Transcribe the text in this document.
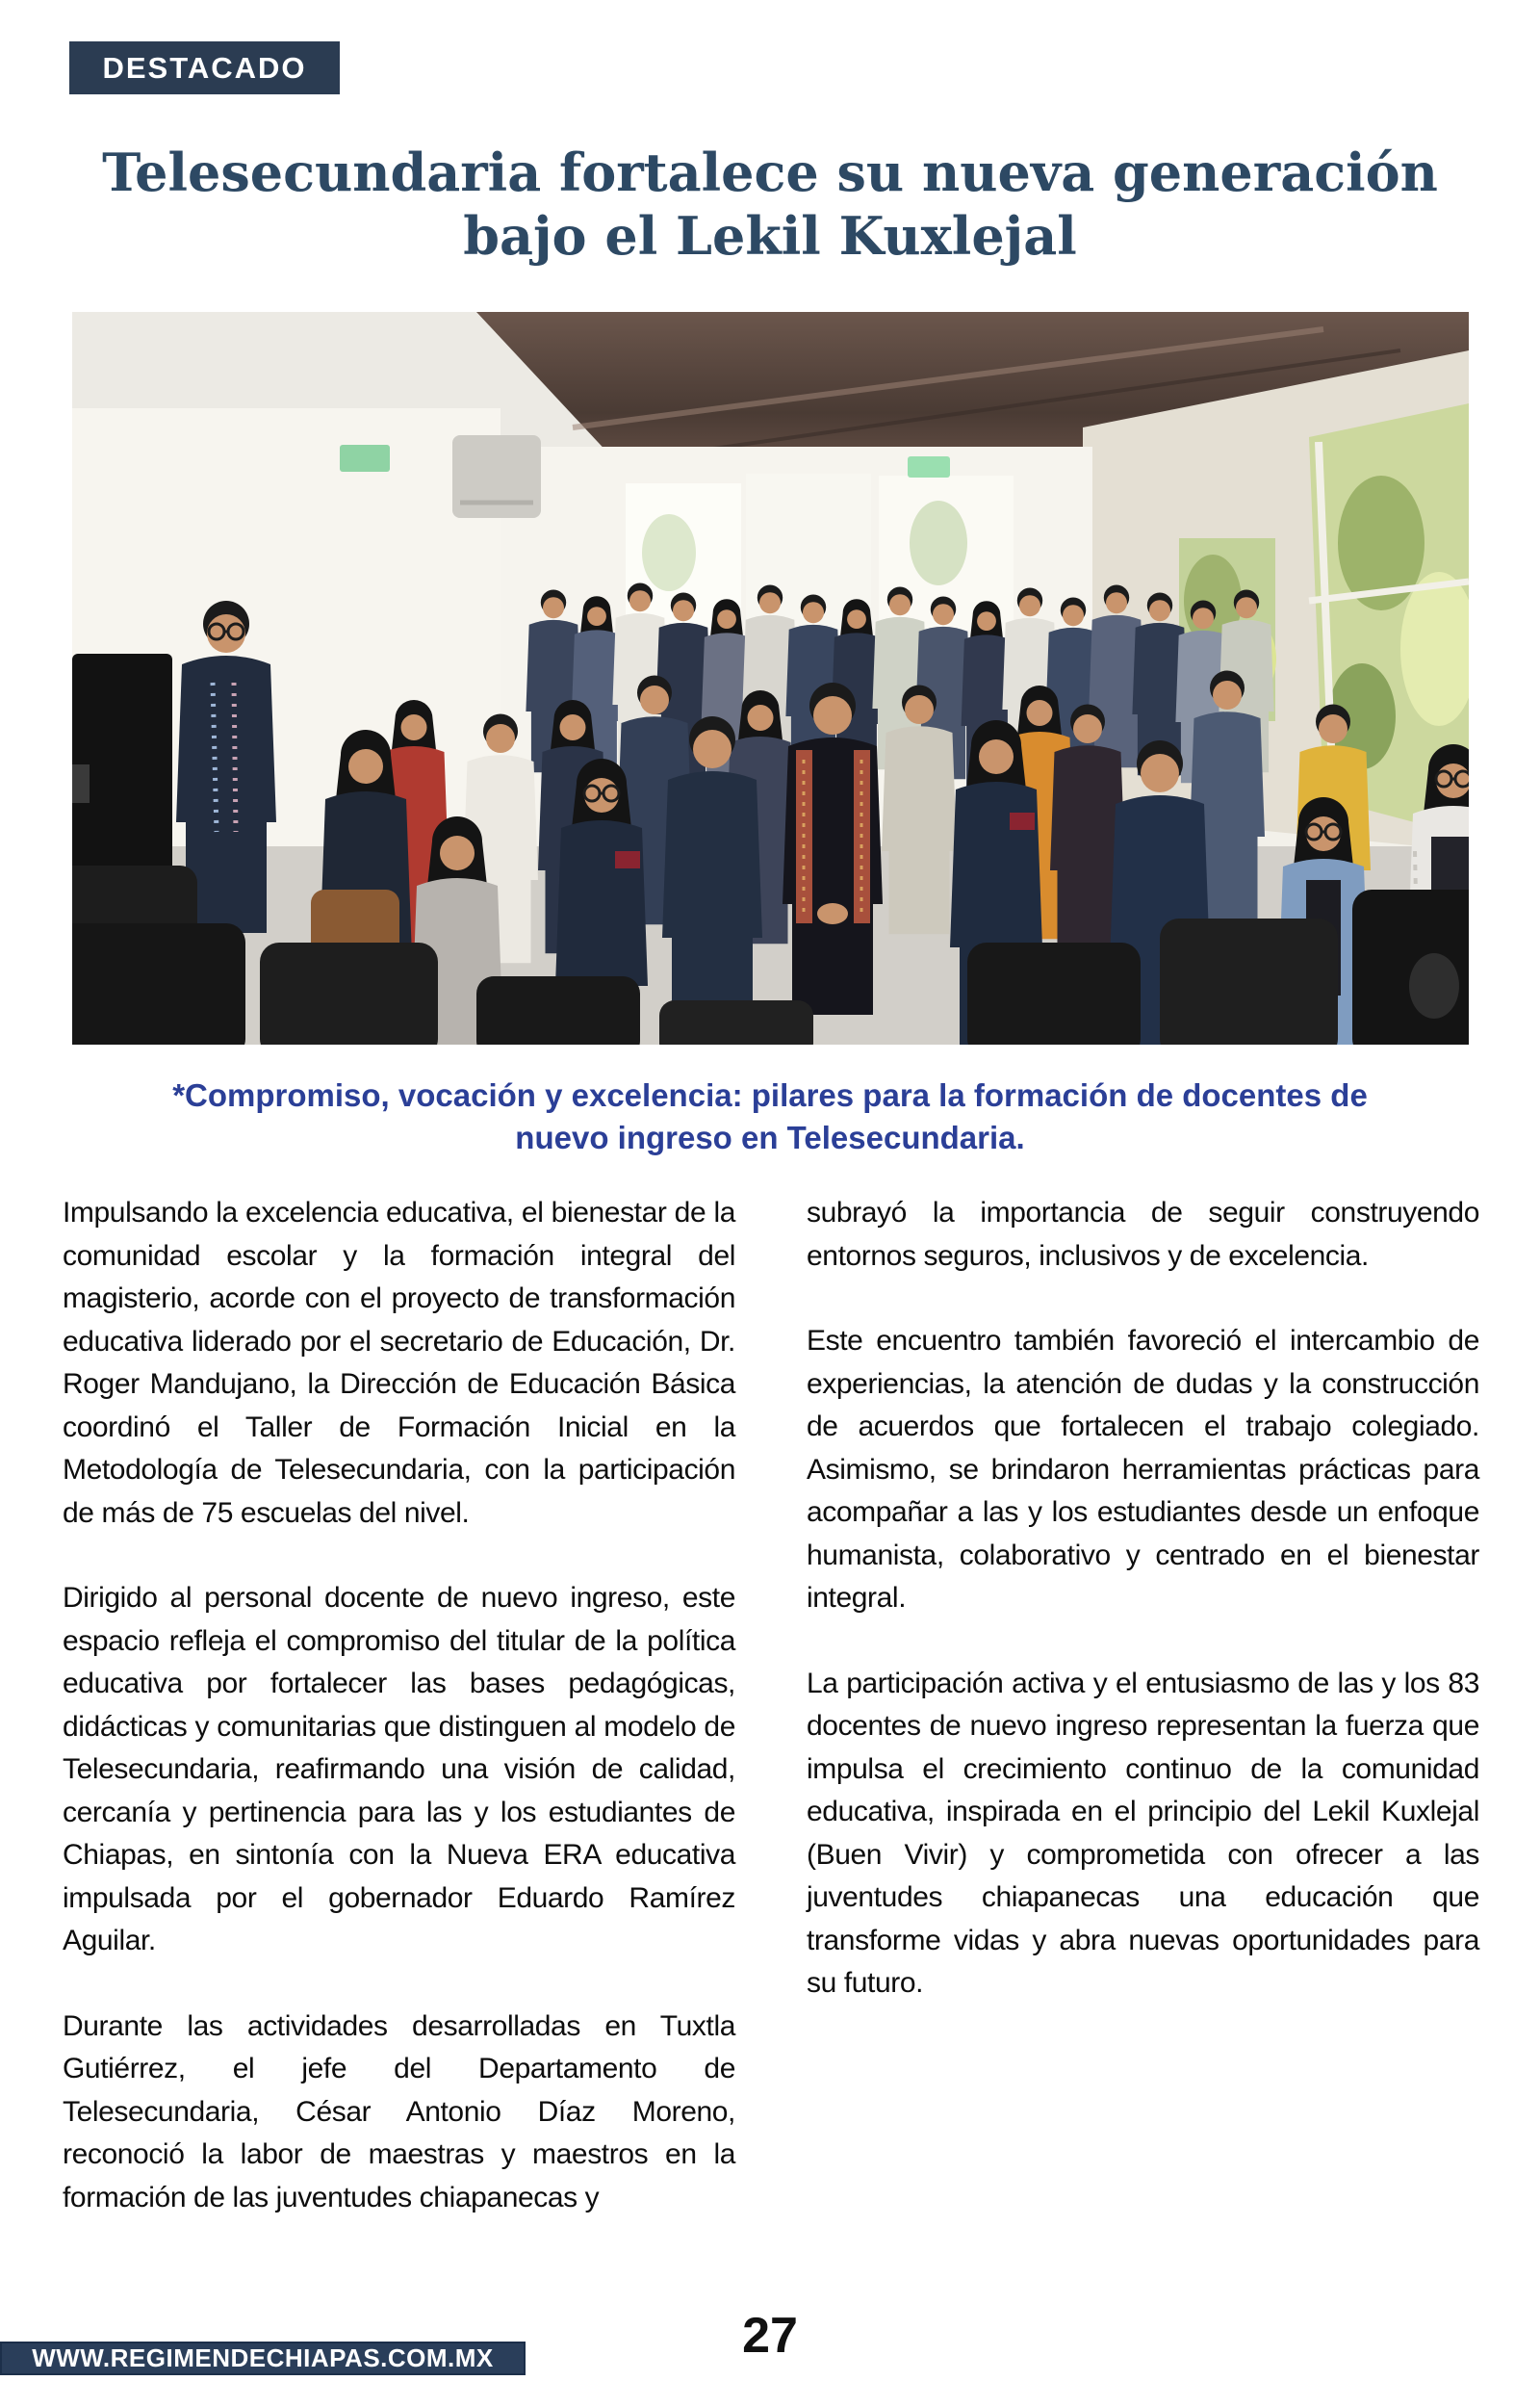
DESTACADO
Telesecundaria fortalece su nueva generación bajo el Lekil Kuxlejal

*Compromiso, vocación y excelencia: pilares para la formación de docentes de nuevo ingreso en Telesecundaria.

Impulsando la excelencia educativa, el bienestar de la comunidad escolar y la formación integral del magisterio, acorde con el proyecto de transformación educativa liderado por el secretario de Educación, Dr. Roger Mandujano, la Dirección de Educación Básica coordinó el Taller de Formación Inicial en la Metodología de Telesecundaria, con la participación de más de 75 escuelas del nivel.

Dirigido al personal docente de nuevo ingreso, este espacio refleja el compromiso del titular de la política educativa por fortalecer las bases pedagógicas, didácticas y comunitarias que distinguen al modelo de Telesecundaria, reafirmando una visión de calidad, cercanía y pertinencia para las y los estudiantes de Chiapas, en sintonía con la Nueva ERA educativa impulsada por el gobernador Eduardo Ramírez Aguilar.

Durante las actividades desarrolladas en Tuxtla Gutiérrez, el jefe del Departamento de Telesecundaria, César Antonio Díaz Moreno, reconoció la labor de maestras y maestros en la formación de las juventudes chiapanecas y

subrayó la importancia de seguir construyendo entornos seguros, inclusivos y de excelencia.

Este encuentro también favoreció el intercambio de experiencias, la atención de dudas y la construcción de acuerdos que fortalecen el trabajo colegiado. Asimismo, se brindaron herramientas prácticas para acompañar a las y los estudiantes desde un enfoque humanista, colaborativo y centrado en el bienestar integral.

La participación activa y el entusiasmo de las y los 83 docentes de nuevo ingreso representan la fuerza que impulsa el crecimiento continuo de la comunidad educativa, inspirada en el principio del Lekil Kuxlejal (Buen Vivir) y comprometida con ofrecer a las juventudes chiapanecas una educación que transforme vidas y abra nuevas oportunidades para su futuro.

WWW.REGIMENDECHIAPAS.COM.MX	27
